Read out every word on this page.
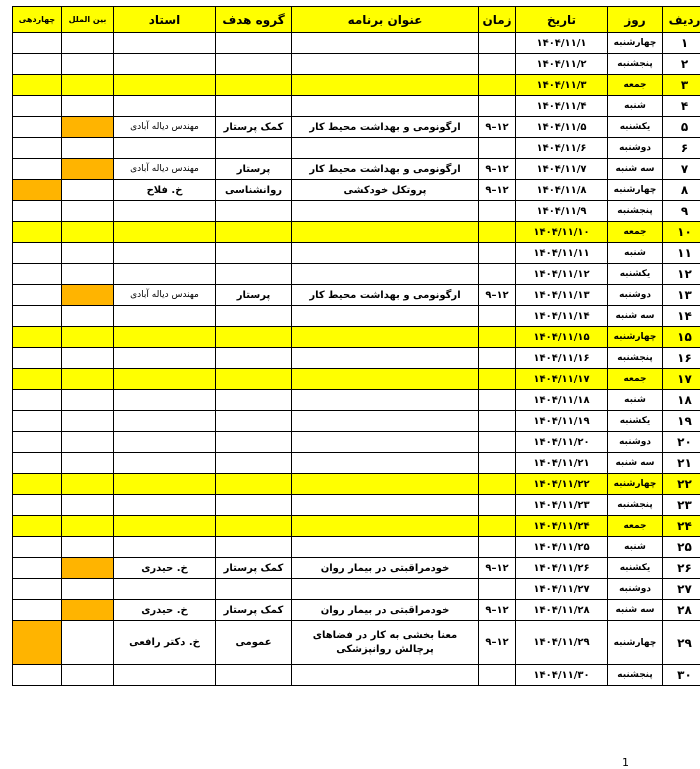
ردیف	روز	تاریخ	زمان	عنوان برنامه	گروه هدف	استاد	بین الملل	چهاردهی
۱	چهارشنبه	۱۴۰۴/۱۱/۱						
۲	پنجشنبه	۱۴۰۴/۱۱/۲						
۳	جمعه	۱۴۰۴/۱۱/۳						
۴	شنبه	۱۴۰۴/۱۱/۴						
۵	یکشنبه	۱۴۰۴/۱۱/۵	۹–۱۲	ارگونومی و بهداشت محیط کار	کمک پرستار	مهندس دیاله آبادی		
۶	دوشنبه	۱۴۰۴/۱۱/۶						
۷	سه شنبه	۱۴۰۴/۱۱/۷	۹–۱۲	ارگونومی و بهداشت محیط کار	پرستار	مهندس دیاله آبادی		
۸	چهارشنبه	۱۴۰۴/۱۱/۸	۹–۱۲	پروتکل خودکشی	روانشناسی	خ. فلاح		
۹	پنجشنبه	۱۴۰۴/۱۱/۹						
۱۰	جمعه	۱۴۰۴/۱۱/۱۰						
۱۱	شنبه	۱۴۰۴/۱۱/۱۱						
۱۲	یکشنبه	۱۴۰۴/۱۱/۱۲						
۱۳	دوشنبه	۱۴۰۴/۱۱/۱۳	۹–۱۲	ارگونومی و بهداشت محیط کار	پرستار	مهندس دیاله آبادی		
۱۴	سه شنبه	۱۴۰۴/۱۱/۱۴						
۱۵	چهارشنبه	۱۴۰۴/۱۱/۱۵						
۱۶	پنجشنبه	۱۴۰۴/۱۱/۱۶						
۱۷	جمعه	۱۴۰۴/۱۱/۱۷						
۱۸	شنبه	۱۴۰۴/۱۱/۱۸						
۱۹	یکشنبه	۱۴۰۴/۱۱/۱۹						
۲۰	دوشنبه	۱۴۰۴/۱۱/۲۰						
۲۱	سه شنبه	۱۴۰۴/۱۱/۲۱						
۲۲	چهارشنبه	۱۴۰۴/۱۱/۲۲						
۲۳	پنجشنبه	۱۴۰۴/۱۱/۲۳						
۲۴	جمعه	۱۴۰۴/۱۱/۲۴						
۲۵	شنبه	۱۴۰۴/۱۱/۲۵						
۲۶	یکشنبه	۱۴۰۴/۱۱/۲۶	۹–۱۲	خودمراقبتی در بیمار روان	کمک پرستار	خ. حیدری		
۲۷	دوشنبه	۱۴۰۴/۱۱/۲۷						
۲۸	سه شنبه	۱۴۰۴/۱۱/۲۸	۹–۱۲	خودمراقبتی در بیمار روان	کمک پرستار	خ. حیدری		
۲۹	چهارشنبه	۱۴۰۴/۱۱/۲۹	۹–۱۲	معنا بخشی به کار در فضاهای پرچالش روانپزشکی	عمومی	خ. دکتر رافعی		
۳۰	پنجشنبه	۱۴۰۴/۱۱/۳۰						
1
